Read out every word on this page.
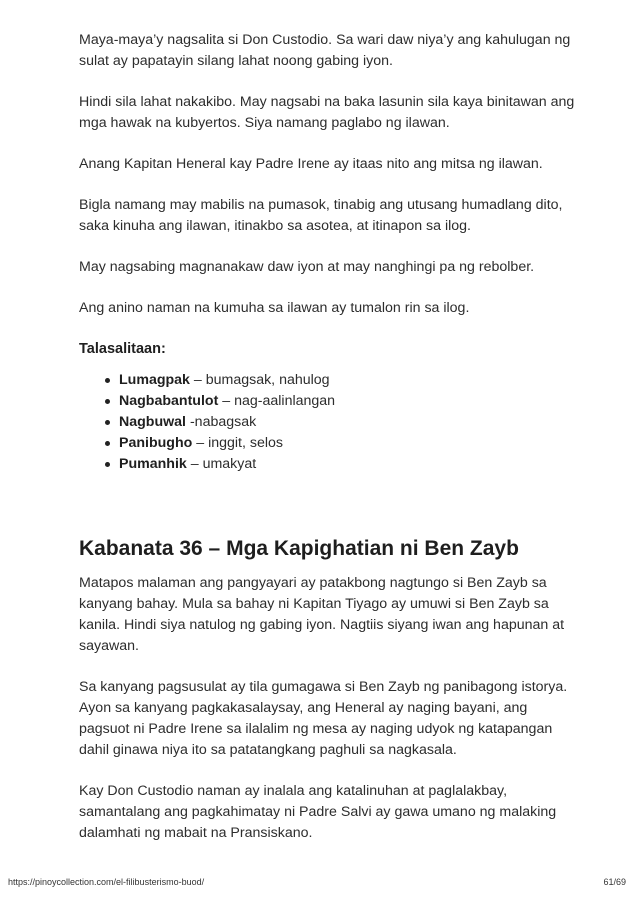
Maya-maya’y nagsalita si Don Custodio. Sa wari daw niya’y ang kahulugan ng sulat ay papatayin silang lahat noong gabing iyon.

Hindi sila lahat nakakibo. May nagsabi na baka lasunin sila kaya binitawan ang mga hawak na kubyertos. Siya namang paglabo ng ilawan.

Anang Kapitan Heneral kay Padre Irene ay itaas nito ang mitsa ng ilawan.

Bigla namang may mabilis na pumasok, tinabig ang utusang humadlang dito, saka kinuha ang ilawan, itinakbo sa asotea, at itinapon sa ilog.

May nagsabing magnanakaw daw iyon at may nanghingi pa ng rebolber.

Ang anino naman na kumuha sa ilawan ay tumalon rin sa ilog.

Talasalitaan:
Lumagpak – bumagsak, nahulog
Nagbabantulot – nag-aalinlangan
Nagbuwal -nabagsak
Panibugho – inggit, selos
Pumanhik – umakyat
Kabanata 36 – Mga Kapighatian ni Ben Zayb

Matapos malaman ang pangyayari ay patakbong nagtungo si Ben Zayb sa kanyang bahay. Mula sa bahay ni Kapitan Tiyago ay umuwi si Ben Zayb sa kanila. Hindi siya natulog ng gabing iyon. Nagtiis siyang iwan ang hapunan at sayawan.

Sa kanyang pagsusulat ay tila gumagawa si Ben Zayb ng panibagong istorya. Ayon sa kanyang pagkakasalaysay, ang Heneral ay naging bayani, ang pagsuot ni Padre Irene sa ilalalim ng mesa ay naging udyok ng katapangan dahil ginawa niya ito sa patatangkang paghuli sa nagkasala.

Kay Don Custodio naman ay inalala ang katalinuhan at paglalakbay, samantalang ang pagkahimatay ni Padre Salvi ay gawa umano ng malaking dalamhati ng mabait na Pransiskano.

https://pinoycollection.com/el-filibusterismo-buod/	61/69
